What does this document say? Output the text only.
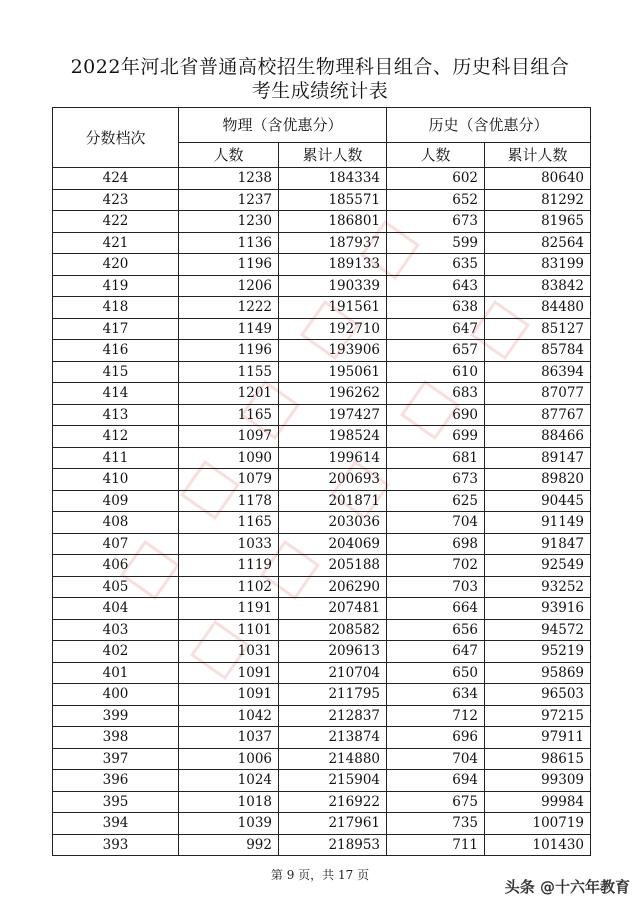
2022年河北省普通高校招生物理科目组合、历史科目组合
考生成绩统计表
分数档次	物理（含优惠分）		历史（含优惠分）	
	人数	累计人数	人数	累计人数
424	1238	184334	602	80640
423	1237	185571	652	81292
422	1230	186801	673	81965
421	1136	187937	599	82564
420	1196	189133	635	83199
419	1206	190339	643	83842
418	1222	191561	638	84480
417	1149	192710	647	85127
416	1196	193906	657	85784
415	1155	195061	610	86394
414	1201	196262	683	87077
413	1165	197427	690	87767
412	1097	198524	699	88466
411	1090	199614	681	89147
410	1079	200693	673	89820
409	1178	201871	625	90445
408	1165	203036	704	91149
407	1033	204069	698	91847
406	1119	205188	702	92549
405	1102	206290	703	93252
404	1191	207481	664	93916
403	1101	208582	656	94572
402	1031	209613	647	95219
401	1091	210704	650	95869
400	1091	211795	634	96503
399	1042	212837	712	97215
398	1037	213874	696	97911
397	1006	214880	704	98615
396	1024	215904	694	99309
395	1018	216922	675	99984
394	1039	217961	735	100719
393	992	218953	711	101430
第 9 页，共 17 页
头条 @十六年教育
